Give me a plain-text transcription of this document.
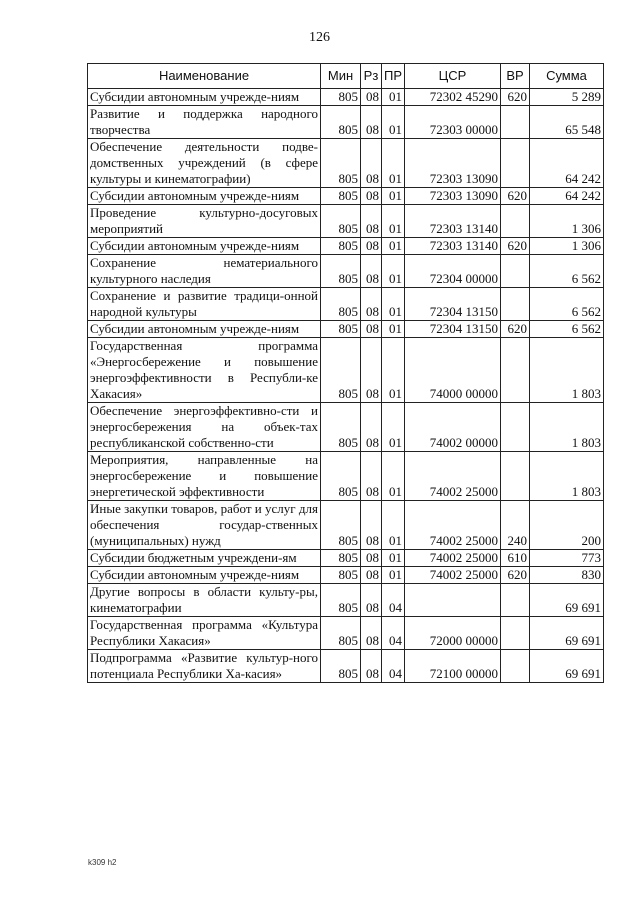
126
Наименование	Мин	Рз	ПР	ЦСР	ВР	Сумма
Субсидии автономным учрежде-ниям	805	08	01	72302 45290	620	5 289
Развитие и поддержка народного творчества	805	08	01	72303 00000		65 548
Обеспечение деятельности подве-домственных учреждений (в сфере культуры и кинематографии)	805	08	01	72303 13090		64 242
Субсидии автономным учрежде-ниям	805	08	01	72303 13090	620	64 242
Проведение культурно-досуговых мероприятий	805	08	01	72303 13140		1 306
Субсидии автономным учрежде-ниям	805	08	01	72303 13140	620	1 306
Сохранение нематериального культурного наследия	805	08	01	72304 00000		6 562
Сохранение и развитие традици-онной народной культуры	805	08	01	72304 13150		6 562
Субсидии автономным учрежде-ниям	805	08	01	72304 13150	620	6 562
Государственная программа «Энергосбережение и повышение энергоэффективности в Республи-ке Хакасия»	805	08	01	74000 00000		1 803
Обеспечение энергоэффективно-сти и энергосбережения на объек-тах республиканской собственно-сти	805	08	01	74002 00000		1 803
Мероприятия, направленные на энергосбережение и повышение энергетической эффективности	805	08	01	74002 25000		1 803
Иные закупки товаров, работ и услуг для обеспечения государ-ственных (муниципальных) нужд	805	08	01	74002 25000	240	200
Субсидии бюджетным учреждени-ям	805	08	01	74002 25000	610	773
Субсидии автономным учрежде-ниям	805	08	01	74002 25000	620	830
Другие вопросы в области культу-ры, кинематографии	805	08	04			69 691
Государственная программа «Культура Республики Хакасия»	805	08	04	72000 00000		69 691
Подпрограмма «Развитие культур-ного потенциала Республики Ха-касия»	805	08	04	72100 00000		69 691
k309 h2
